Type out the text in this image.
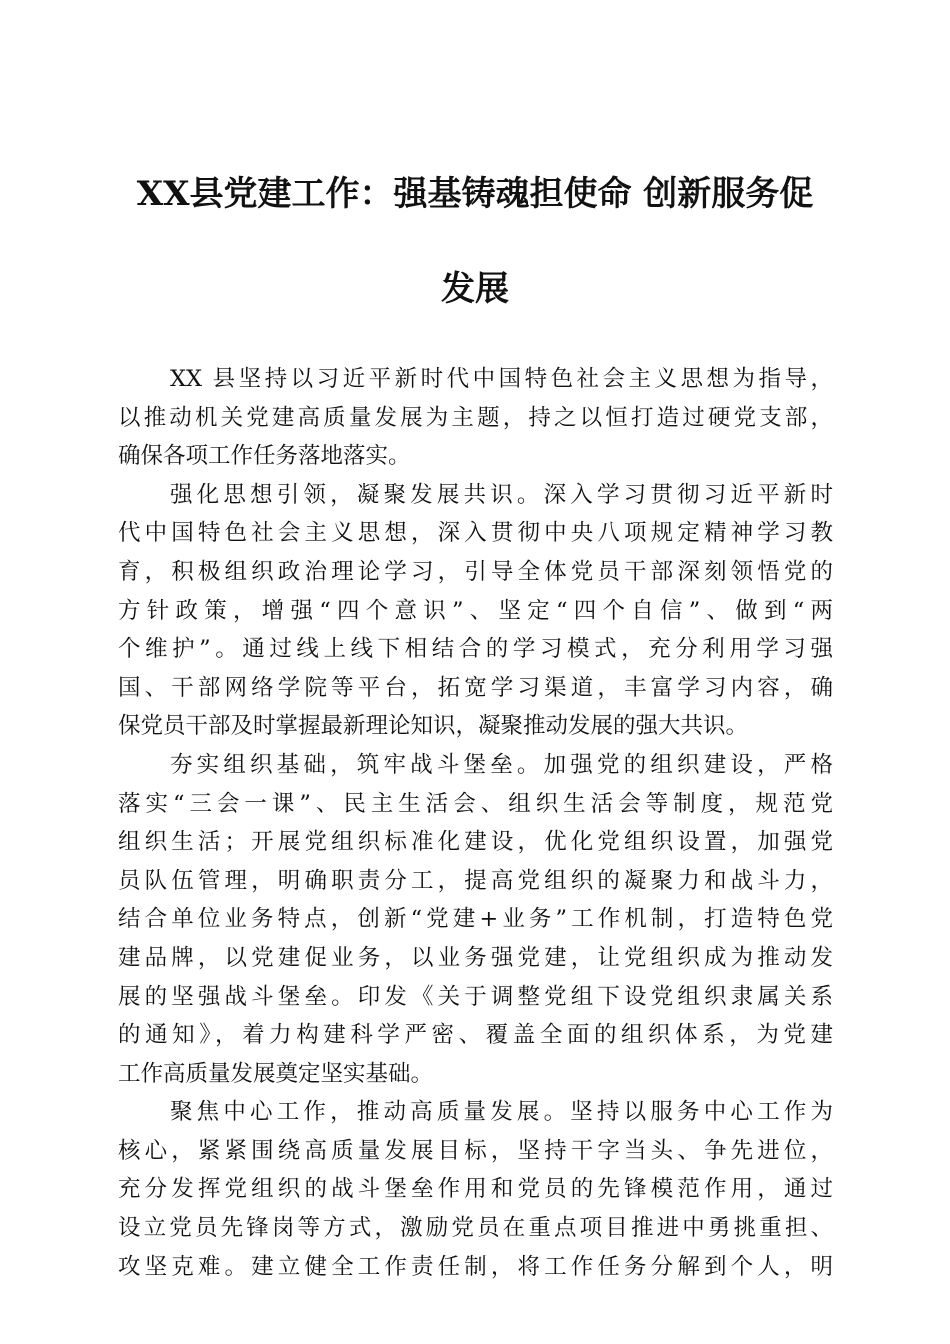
XX县党建工作：强基铸魂担使命 创新服务促
发展
XX 县坚持以习近平新时代中国特色社会主义思想为指导，
以推动机关党建高质量发展为主题，持之以恒打造过硬党支部，
确保各项工作任务落地落实。
强化思想引领，凝聚发展共识。深入学习贯彻习近平新时
代中国特色社会主义思想，深入贯彻中央八项规定精神学习教
育，积极组织政治理论学习，引导全体党员干部深刻领悟党的
方针政策，增强“四个意识”、坚定“四个自信”、做到“两
个维护”。通过线上线下相结合的学习模式，充分利用学习强
国、干部网络学院等平台，拓宽学习渠道，丰富学习内容，确
保党员干部及时掌握最新理论知识，凝聚推动发展的强大共识。
夯实组织基础，筑牢战斗堡垒。加强党的组织建设，严格
落实“三会一课”、民主生活会、组织生活会等制度，规范党
组织生活；开展党组织标准化建设，优化党组织设置，加强党
员队伍管理，明确职责分工，提高党组织的凝聚力和战斗力，
结合单位业务特点，创新“党建+业务”工作机制，打造特色党
建品牌，以党建促业务，以业务强党建，让党组织成为推动发
展的坚强战斗堡垒。印发《关于调整党组下设党组织隶属关系
的通知》，着力构建科学严密、覆盖全面的组织体系，为党建
工作高质量发展奠定坚实基础。
聚焦中心工作，推动高质量发展。坚持以服务中心工作为
核心，紧紧围绕高质量发展目标，坚持干字当头、争先进位，
充分发挥党组织的战斗堡垒作用和党员的先锋模范作用，通过
设立党员先锋岗等方式，激励党员在重点项目推进中勇挑重担、
攻坚克难。建立健全工作责任制，将工作任务分解到个人，明
